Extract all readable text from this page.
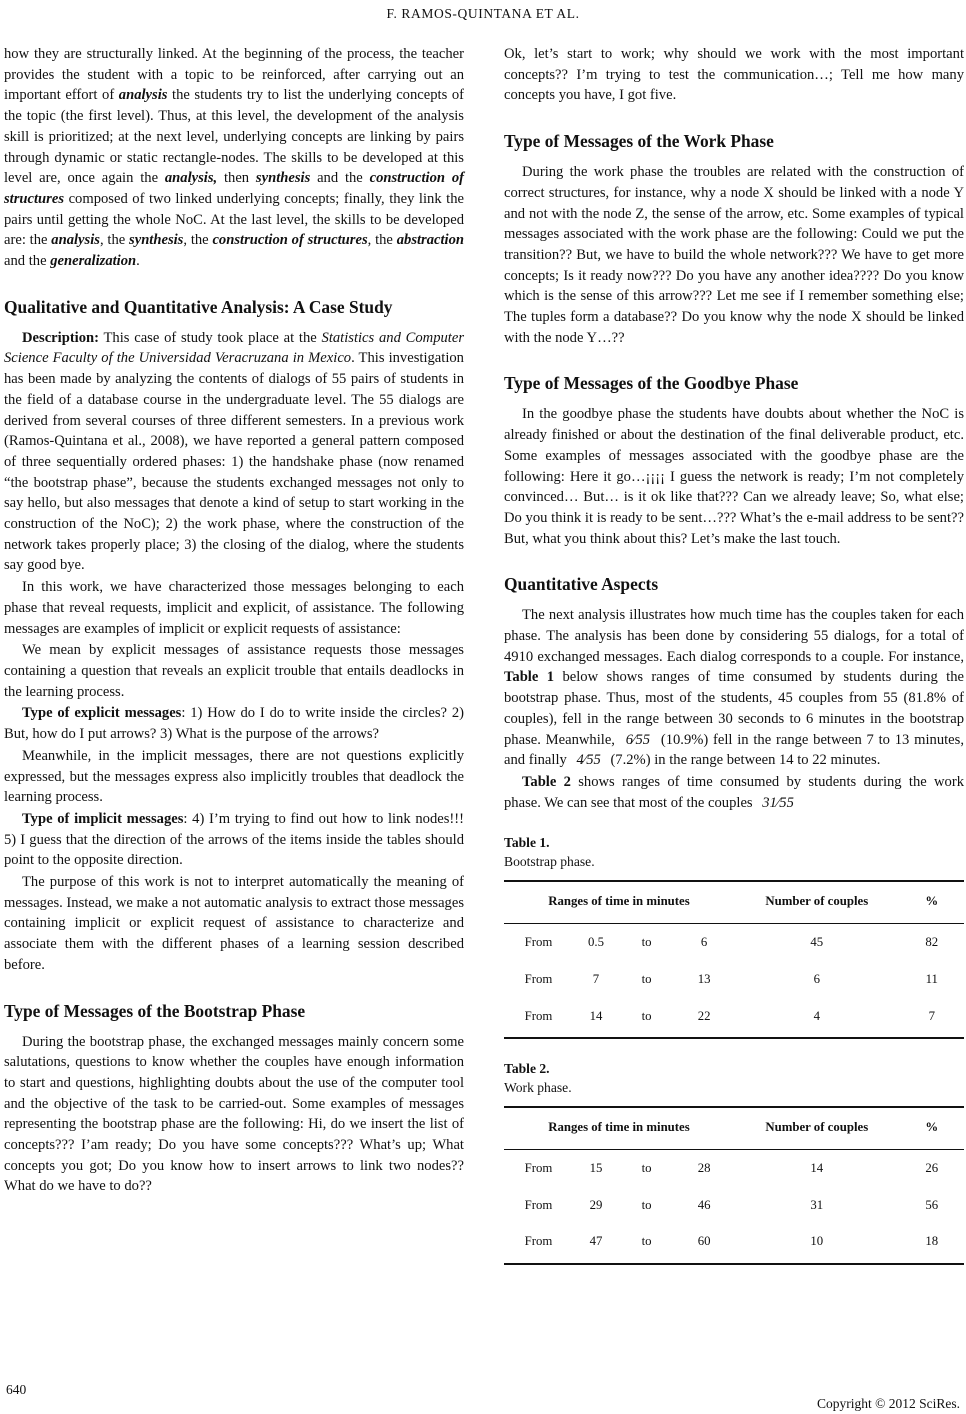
F. RAMOS-QUINTANA ET AL.

how they are structurally linked. At the beginning of the process, the teacher provides the student with a topic to be reinforced, after carrying out an important effort of analysis the students try to list the underlying concepts of the topic (the first level). Thus, at this level, the development of the analysis skill is prioritized; at the next level, underlying concepts are linking by pairs through dynamic or static rectangle-nodes. The skills to be developed at this level are, once again the analysis, then synthesis and the construction of structures composed of two linked underlying concepts; finally, they link the pairs until getting the whole NoC. At the last level, the skills to be developed are: the analysis, the synthesis, the construction of structures, the abstraction and the generalization.

Qualitative and Quantitative Analysis: A Case Study

Description: This case of study took place at the Statistics and Computer Science Faculty of the Universidad Veracruzana in Mexico. This investigation has been made by analyzing the contents of dialogs of 55 pairs of students in the field of a database course in the undergraduate level. The 55 dialogs are derived from several courses of three different semesters. In a previous work (Ramos-Quintana et al., 2008), we have reported a general pattern composed of three sequentially ordered phases: 1) the handshake phase (now renamed “the bootstrap phase”, because the students exchanged messages not only to say hello, but also messages that denote a kind of setup to start working in the construction of the NoC); 2) the work phase, where the construction of the network takes properly place; 3) the closing of the dialog, where the students say good bye.

In this work, we have characterized those messages belonging to each phase that reveal requests, implicit and explicit, of assistance. The following messages are examples of implicit or explicit requests of assistance:

We mean by explicit messages of assistance requests those messages containing a question that reveals an explicit trouble that entails deadlocks in the learning process.

Type of explicit messages: 1) How do I do to write inside the circles? 2) But, how do I put arrows? 3) What is the purpose of the arrows?

Meanwhile, in the implicit messages, there are not questions explicitly expressed, but the messages express also implicitly troubles that deadlock the learning process.

Type of implicit messages: 4) I’m trying to find out how to link nodes!!! 5) I guess that the direction of the arrows of the items inside the tables should point to the opposite direction.

The purpose of this work is not to interpret automatically the meaning of messages. Instead, we make a not automatic analysis to extract those messages containing implicit or explicit request of assistance to characterize and associate them with the different phases of a learning session described before.

Type of Messages of the Bootstrap Phase

During the bootstrap phase, the exchanged messages mainly concern some salutations, questions to know whether the couples have enough information to start and questions, highlighting doubts about the use of the computer tool and the objective of the task to be carried-out. Some examples of messages representing the bootstrap phase are the following: Hi, do we insert the list of concepts??? I’am ready; Do you have some concepts??? What’s up; What concepts you got; Do you know how to insert arrows to link two nodes?? What do we have to do??

Ok, let’s start to work; why should we work with the most important concepts?? I’m trying to test the communication…; Tell me how many concepts you have, I got five.

Type of Messages of the Work Phase

During the work phase the troubles are related with the construction of correct structures, for instance, why a node X should be linked with a node Y and not with the node Z, the sense of the arrow, etc. Some examples of typical messages associated with the work phase are the following: Could we put the transition?? But, we have to build the whole network??? We have to get more concepts; Is it ready now??? Do you have any another idea???? Do you know which is the sense of this arrow??? Let me see if I remember something else; The tuples form a database?? Do you know why the node X should be linked with the node Y…??

Type of Messages of the Goodbye Phase

In the goodbye phase the students have doubts about whether the NoC is already finished or about the destination of the final deliverable product, etc. Some examples of messages associated with the goodbye phase are the following: Here it go…¡¡¡¡ I guess the network is ready; I’m not completely convinced… But… is it ok like that??? Can we already leave; So, what else; Do you think it is ready to be sent…??? What’s the e-mail address to be sent?? But, what you think about this? Let’s make the last touch.

Quantitative Aspects

The next analysis illustrates how much time has the couples taken for each phase. The analysis has been done by considering 55 dialogs, for a total of 4910 exchanged messages. Each dialog corresponds to a couple. For instance, Table 1 below shows ranges of time consumed by students during the bootstrap phase. Thus, most of the students, 45 couples from 55 (81.8% of couples), fell in the range between 30 seconds to 6 minutes in the bootstrap phase. Meanwhile, 6∕55 (10.9%) fell in the range between 7 to 13 minutes, and finally 4∕55 (7.2%) in the range between 14 to 22 minutes.

Table 2 shows ranges of time consumed by students during the work phase. We can see that most of the couples 31∕55

Table 1.
Bootstrap phase.
Ranges of time in minutes				Number of couples	%
From	0.5	to	6	45	82
From	7	to	13	6	11
From	14	to	22	4	7
Table 2.
Work phase.
Ranges of time in minutes				Number of couples	%
From	15	to	28	14	26
From	29	to	46	31	56
From	47	to	60	10	18
640
Copyright © 2012 SciRes.
